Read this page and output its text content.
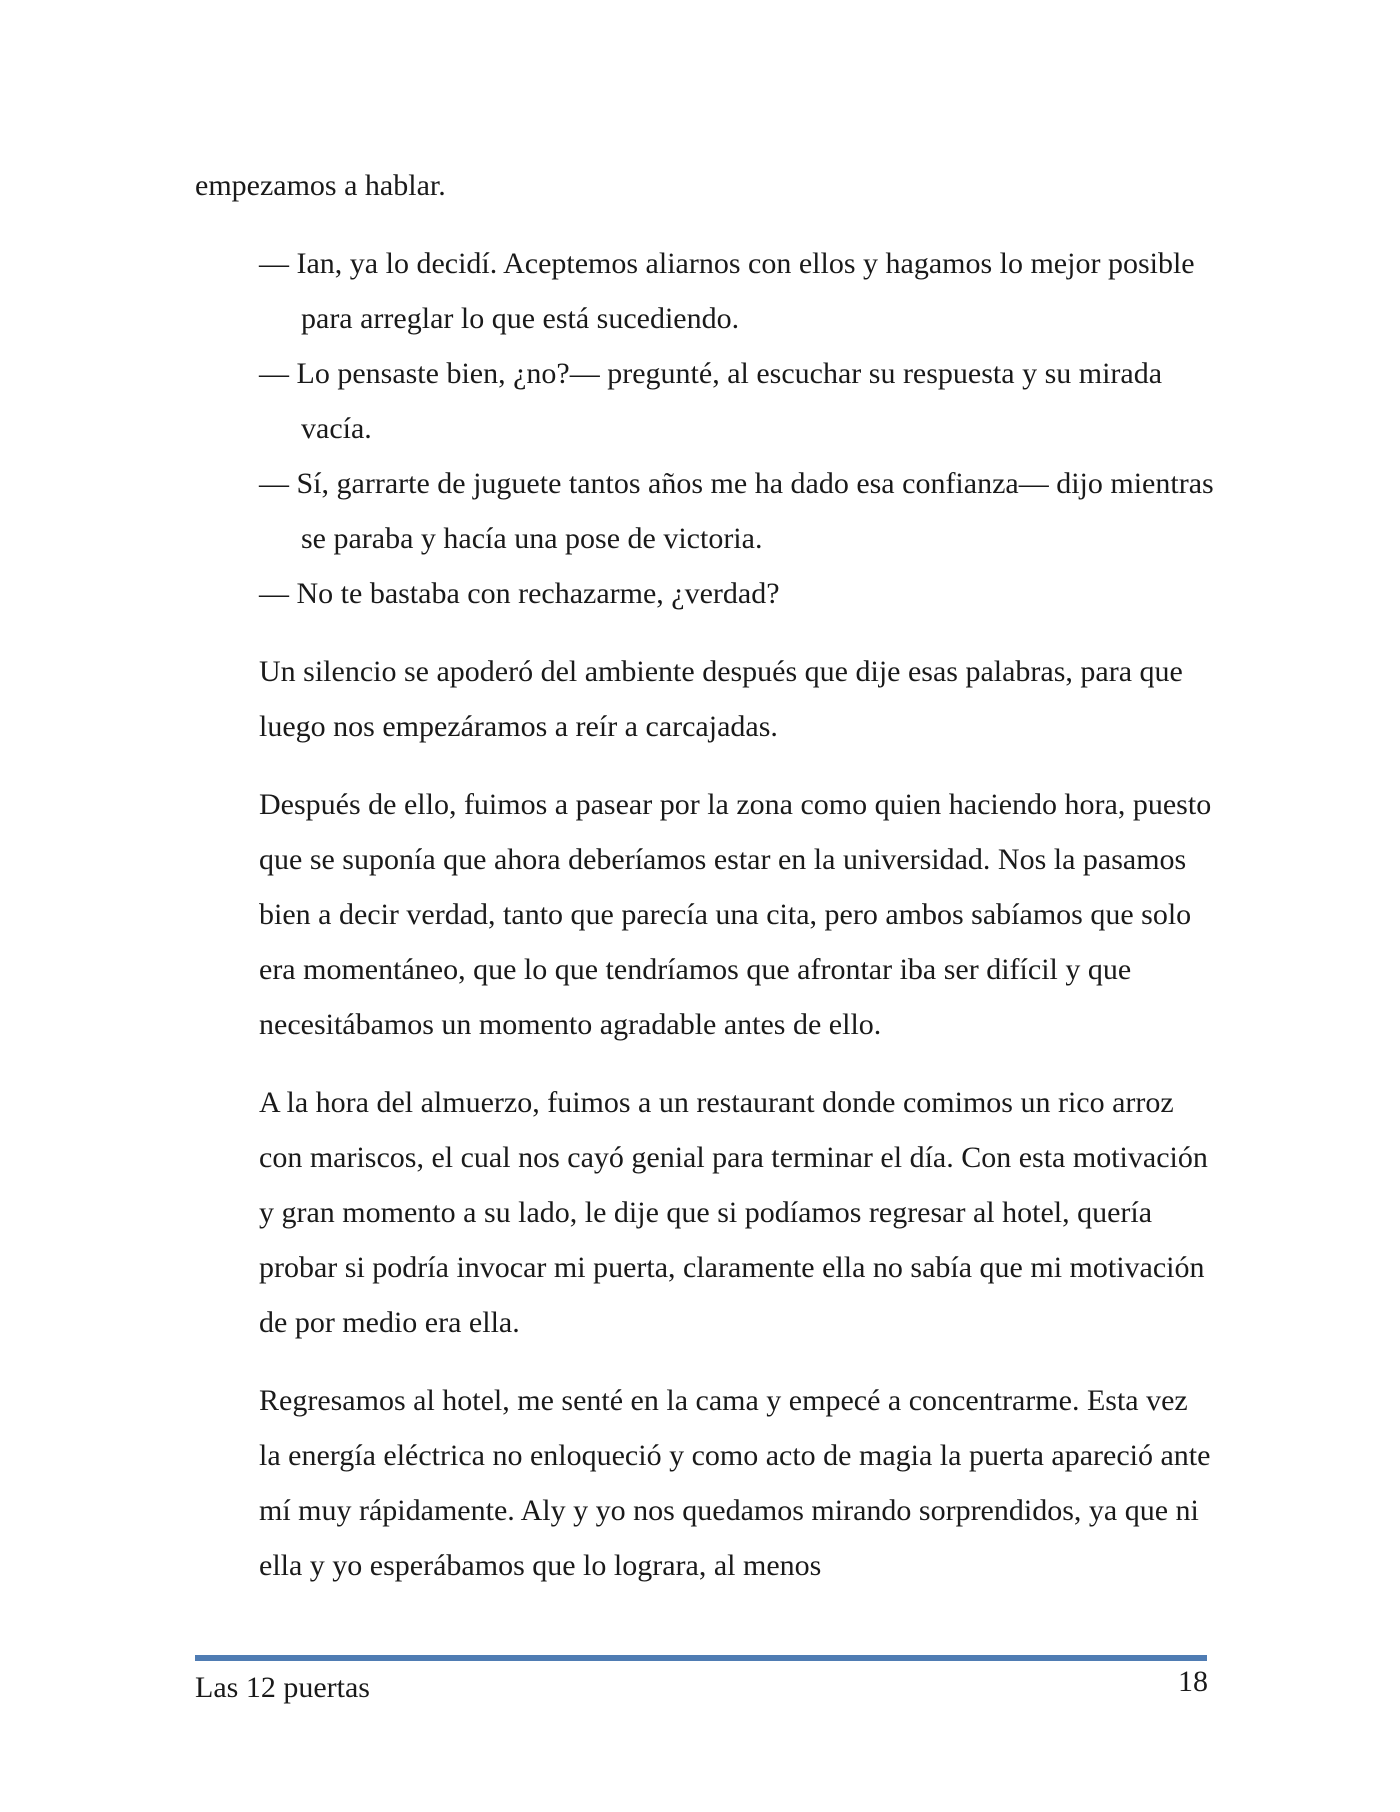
empezamos a hablar.

— Ian, ya lo decidí. Aceptemos aliarnos con ellos y hagamos lo mejor posible para arreglar lo que está sucediendo.
— Lo pensaste bien, ¿no?— pregunté, al escuchar su respuesta y su mirada vacía.
— Sí, garrarte de juguete tantos años me ha dado esa confianza— dijo mientras se paraba y hacía una pose de victoria.
— No te bastaba con rechazarme, ¿verdad?

Un silencio se apoderó del ambiente después que dije esas palabras, para que luego nos empezáramos a reír a carcajadas.

Después de ello, fuimos a pasear por la zona como quien haciendo hora, puesto que se suponía que ahora deberíamos estar en la universidad. Nos la pasamos bien a decir verdad, tanto que parecía una cita, pero ambos sabíamos que solo era momentáneo, que lo que tendríamos que afrontar iba ser difícil y que necesitábamos un momento agradable antes de ello.

A la hora del almuerzo, fuimos a un restaurant donde comimos un rico arroz con mariscos, el cual nos cayó genial para terminar el día. Con esta motivación y gran momento a su lado, le dije que si podíamos regresar al hotel, quería probar si podría invocar mi puerta, claramente ella no sabía que mi motivación de por medio era ella.

Regresamos al hotel, me senté en la cama y empecé a concentrarme. Esta vez la energía eléctrica no enloqueció y como acto de magia la puerta apareció ante mí muy rápidamente. Aly y yo nos quedamos mirando sorprendidos, ya que ni ella y yo esperábamos que lo lograra, al menos

Las 12 puertas	18
